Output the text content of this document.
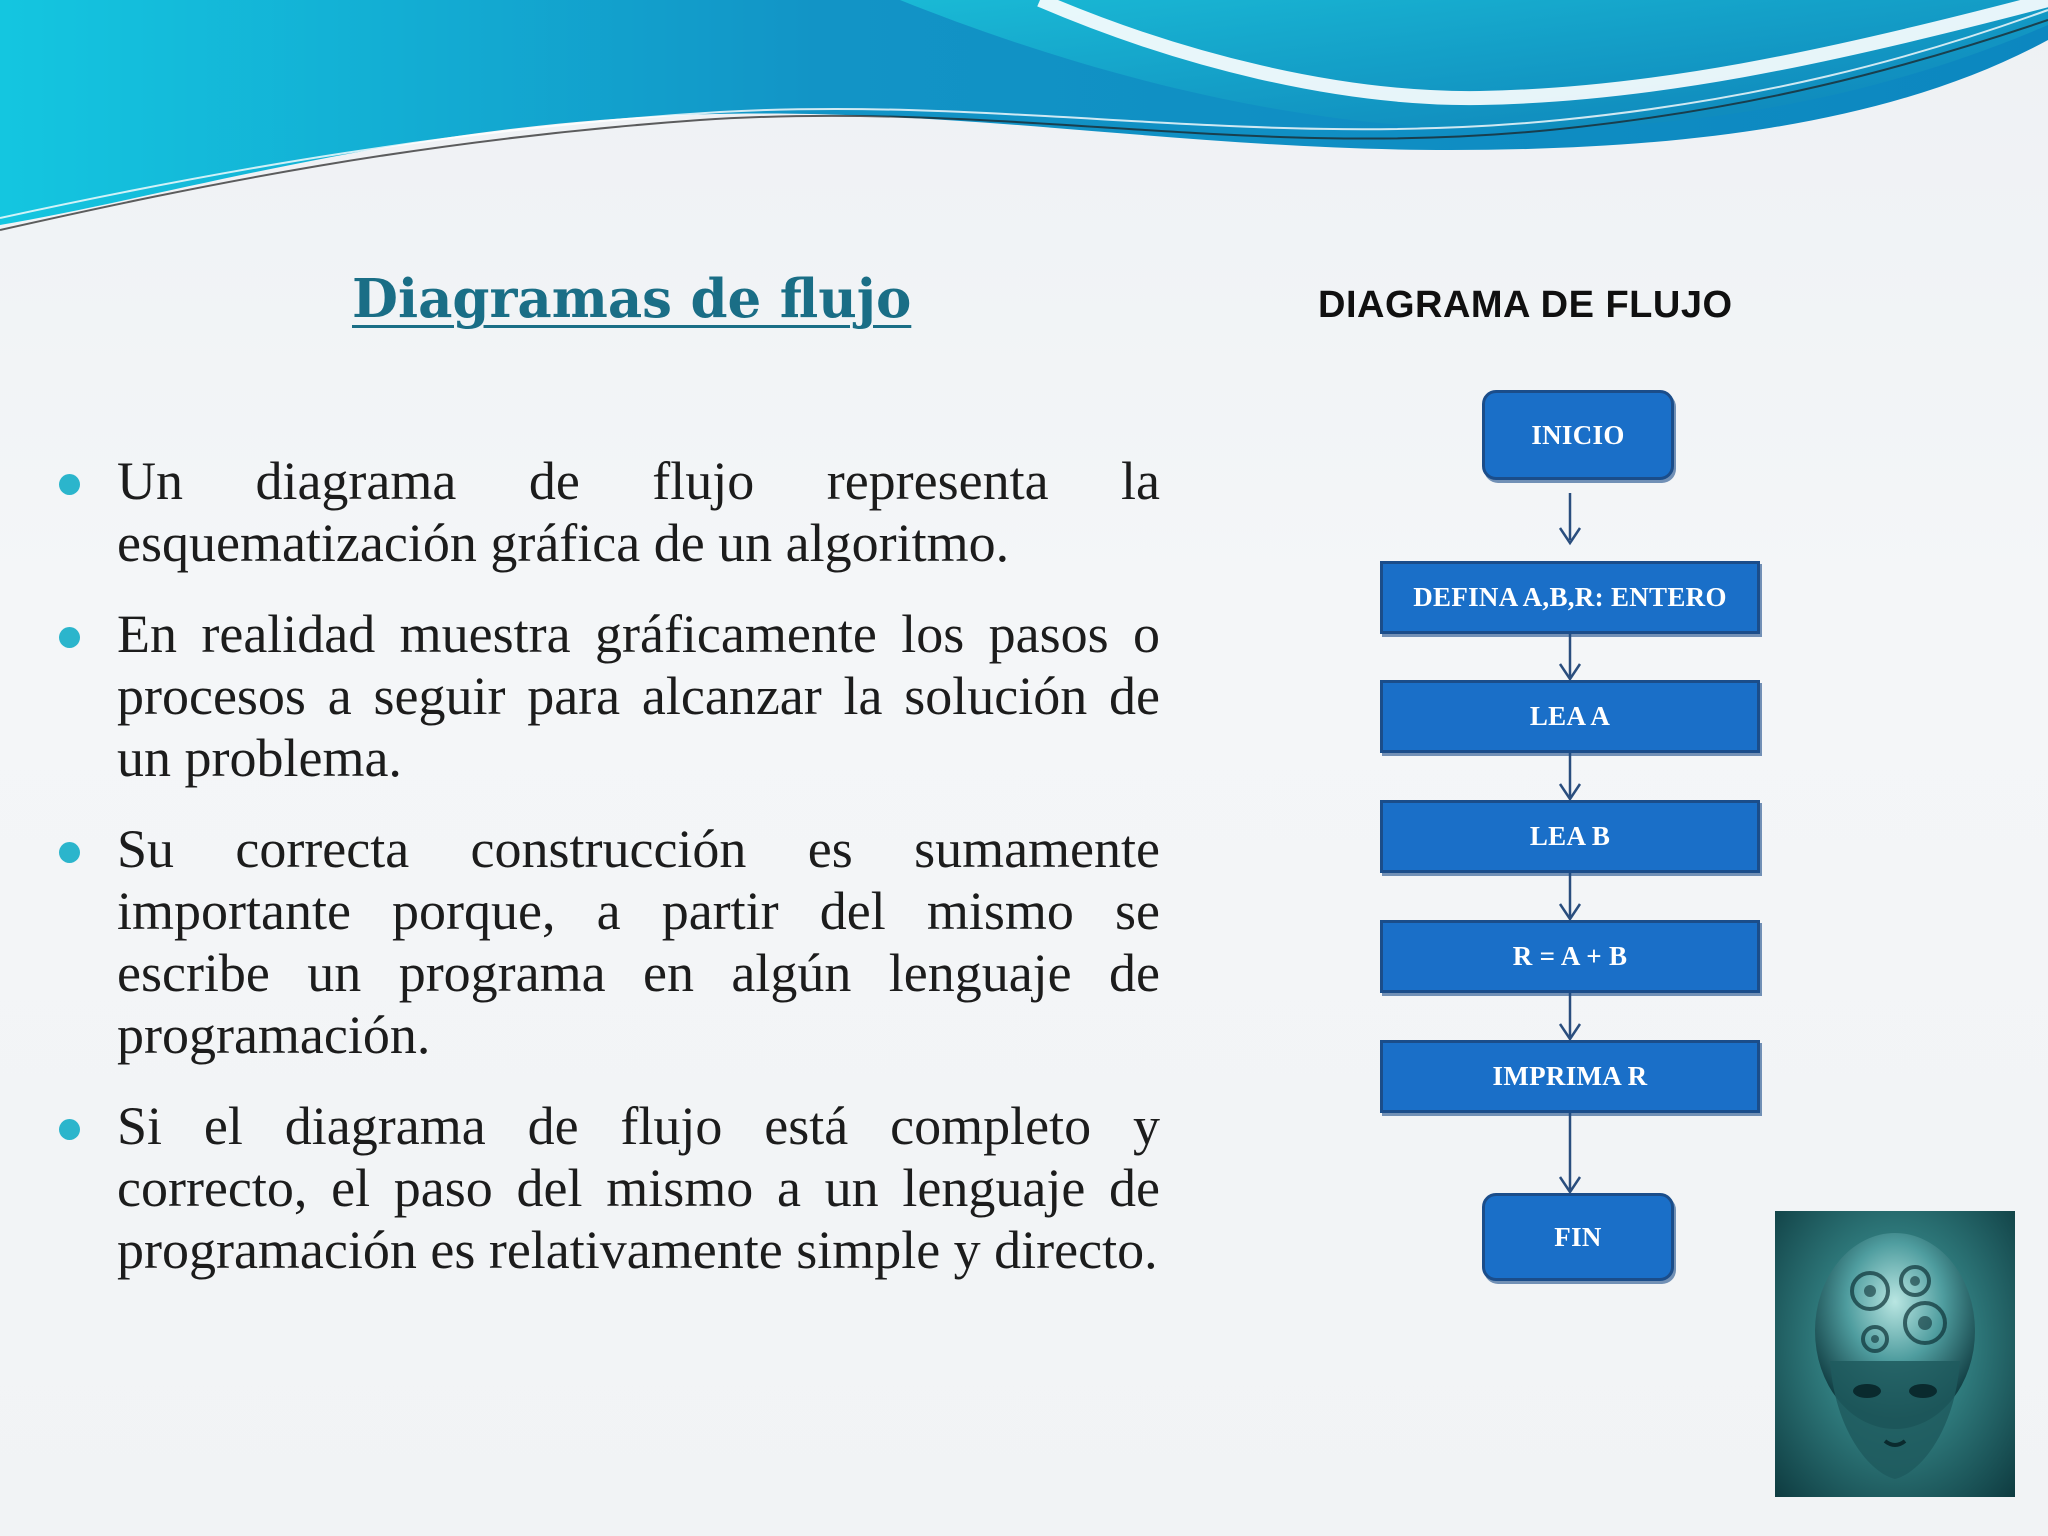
Diagramas de flujo
Un diagrama de flujo representa la esquematización gráfica de un algoritmo.
En realidad muestra gráficamente los pasos o procesos a seguir para alcanzar la solución de un problema.
Su correcta construcción es sumamente importante porque, a partir del mismo se escribe un programa en algún lenguaje de programación.
Si el diagrama de flujo está completo y correcto, el paso del mismo a un lenguaje de programación es relativamente simple y directo.
DIAGRAMA DE FLUJO
INICIO
DEFINA A,B,R: ENTERO
LEA A
LEA B
R = A + B
IMPRIMA R
FIN
